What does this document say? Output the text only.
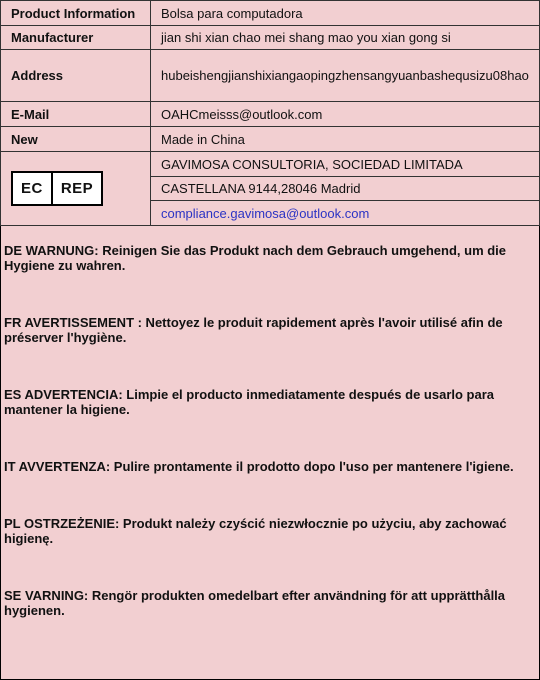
Product Information	Bolsa para computadora
Manufacturer	jian shi xian chao mei shang mao you xian gong si
Address	hubeishengjianshixiangaopingzhensangyuanbashequsizu08hao
E-Mail	OAHCmeisss@outlook.com
New	Made in China

EC REP	GAVIMOSA CONSULTORIA, SOCIEDAD LIMITADA
	CASTELLANA 9144,28046 Madrid
	compliance.gavimosa@outlook.com

DE WARNUNG: Reinigen Sie das Produkt nach dem Gebrauch umgehend, um die Hygiene zu wahren.

FR AVERTISSEMENT : Nettoyez le produit rapidement après l'avoir utilisé afin de préserver l'hygiène.

ES ADVERTENCIA: Limpie el producto inmediatamente después de usarlo para mantener la higiene.

IT AVVERTENZA: Pulire prontamente il prodotto dopo l'uso per mantenere l'igiene.

PL OSTRZEŻENIE: Produkt należy czyścić niezwłocznie po użyciu, aby zachować higienę.

SE VARNING: Rengör produkten omedelbart efter användning för att upprätthålla hygienen.
